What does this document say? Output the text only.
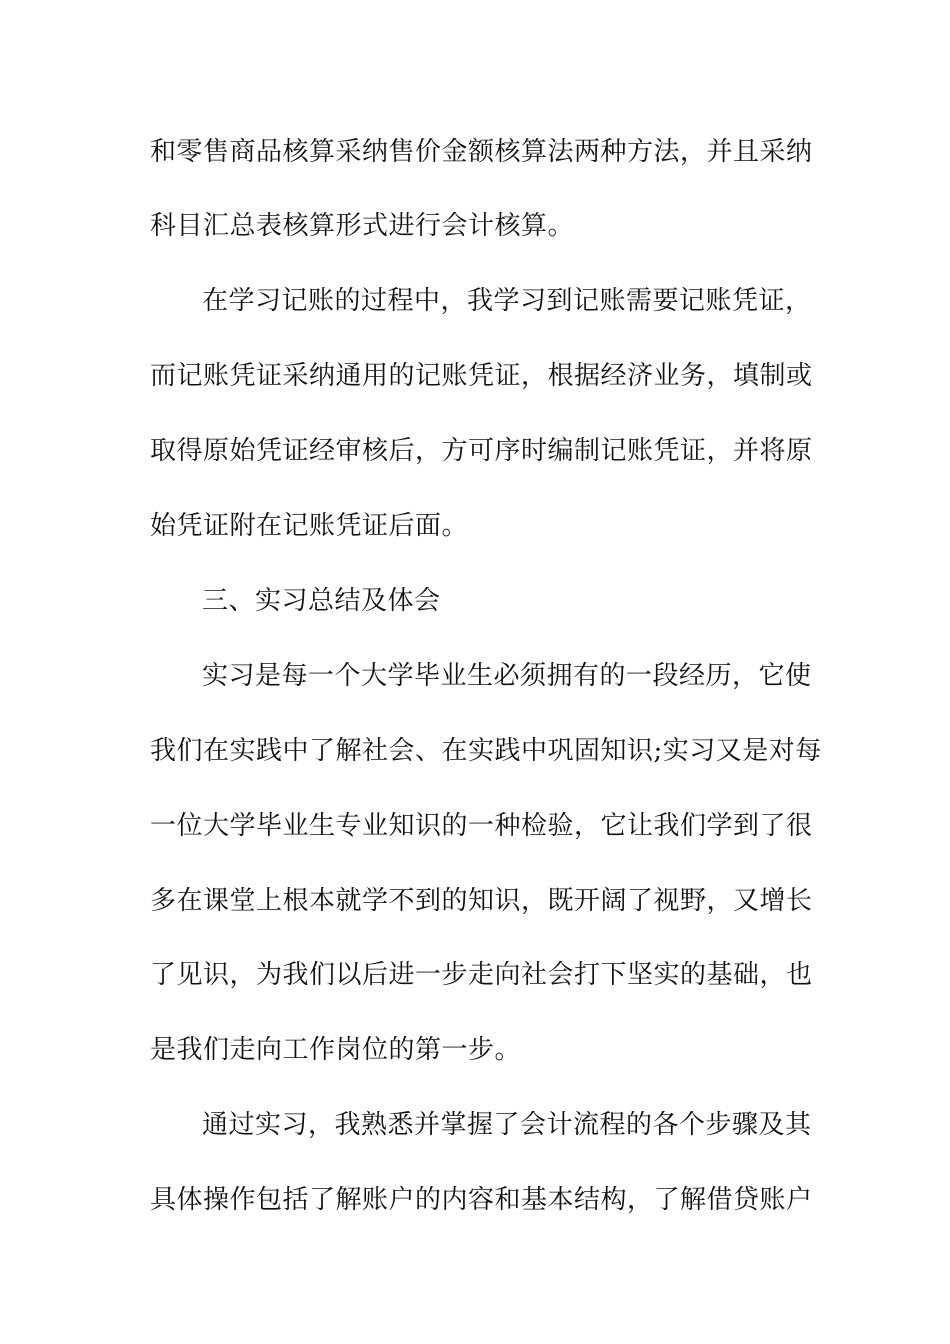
和零售商品核算采纳售价金额核算法两种方法，并且采纳
科目汇总表核算形式进行会计核算。
在学习记账的过程中，我学习到记账需要记账凭证，
而记账凭证采纳通用的记账凭证，根据经济业务，填制或
取得原始凭证经审核后，方可序时编制记账凭证，并将原
始凭证附在记账凭证后面。
三、实习总结及体会
实习是每一个大学毕业生必须拥有的一段经历，它使
我们在实践中了解社会、在实践中巩固知识;实习又是对每
一位大学毕业生专业知识的一种检验，它让我们学到了很
多在课堂上根本就学不到的知识，既开阔了视野，又增长
了见识，为我们以后进一步走向社会打下坚实的基础，也
是我们走向工作岗位的第一步。
通过实习，我熟悉并掌握了会计流程的各个步骤及其
具体操作包括了解账户的内容和基本结构，了解借贷账户
